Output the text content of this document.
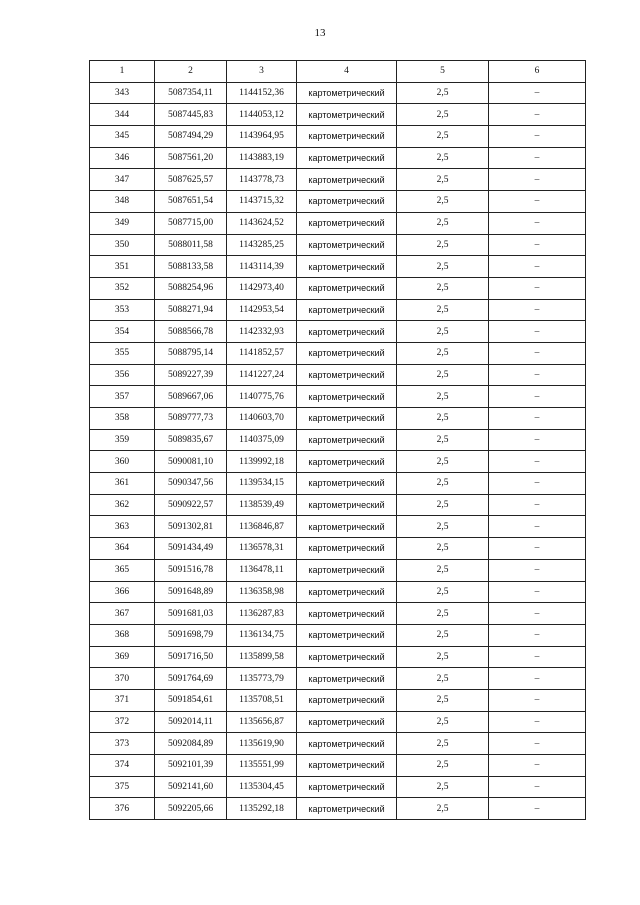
13
1	2	3	4	5	6
343	5087354,11	1144152,36	картометрический	2,5	–
344	5087445,83	1144053,12	картометрический	2,5	–
345	5087494,29	1143964,95	картометрический	2,5	–
346	5087561,20	1143883,19	картометрический	2,5	–
347	5087625,57	1143778,73	картометрический	2,5	–
348	5087651,54	1143715,32	картометрический	2,5	–
349	5087715,00	1143624,52	картометрический	2,5	–
350	5088011,58	1143285,25	картометрический	2,5	–
351	5088133,58	1143114,39	картометрический	2,5	–
352	5088254,96	1142973,40	картометрический	2,5	–
353	5088271,94	1142953,54	картометрический	2,5	–
354	5088566,78	1142332,93	картометрический	2,5	–
355	5088795,14	1141852,57	картометрический	2,5	–
356	5089227,39	1141227,24	картометрический	2,5	–
357	5089667,06	1140775,76	картометрический	2,5	–
358	5089777,73	1140603,70	картометрический	2,5	–
359	5089835,67	1140375,09	картометрический	2,5	–
360	5090081,10	1139992,18	картометрический	2,5	–
361	5090347,56	1139534,15	картометрический	2,5	–
362	5090922,57	1138539,49	картометрический	2,5	–
363	5091302,81	1136846,87	картометрический	2,5	–
364	5091434,49	1136578,31	картометрический	2,5	–
365	5091516,78	1136478,11	картометрический	2,5	–
366	5091648,89	1136358,98	картометрический	2,5	–
367	5091681,03	1136287,83	картометрический	2,5	–
368	5091698,79	1136134,75	картометрический	2,5	–
369	5091716,50	1135899,58	картометрический	2,5	–
370	5091764,69	1135773,79	картометрический	2,5	–
371	5091854,61	1135708,51	картометрический	2,5	–
372	5092014,11	1135656,87	картометрический	2,5	–
373	5092084,89	1135619,90	картометрический	2,5	–
374	5092101,39	1135551,99	картометрический	2,5	–
375	5092141,60	1135304,45	картометрический	2,5	–
376	5092205,66	1135292,18	картометрический	2,5	–
